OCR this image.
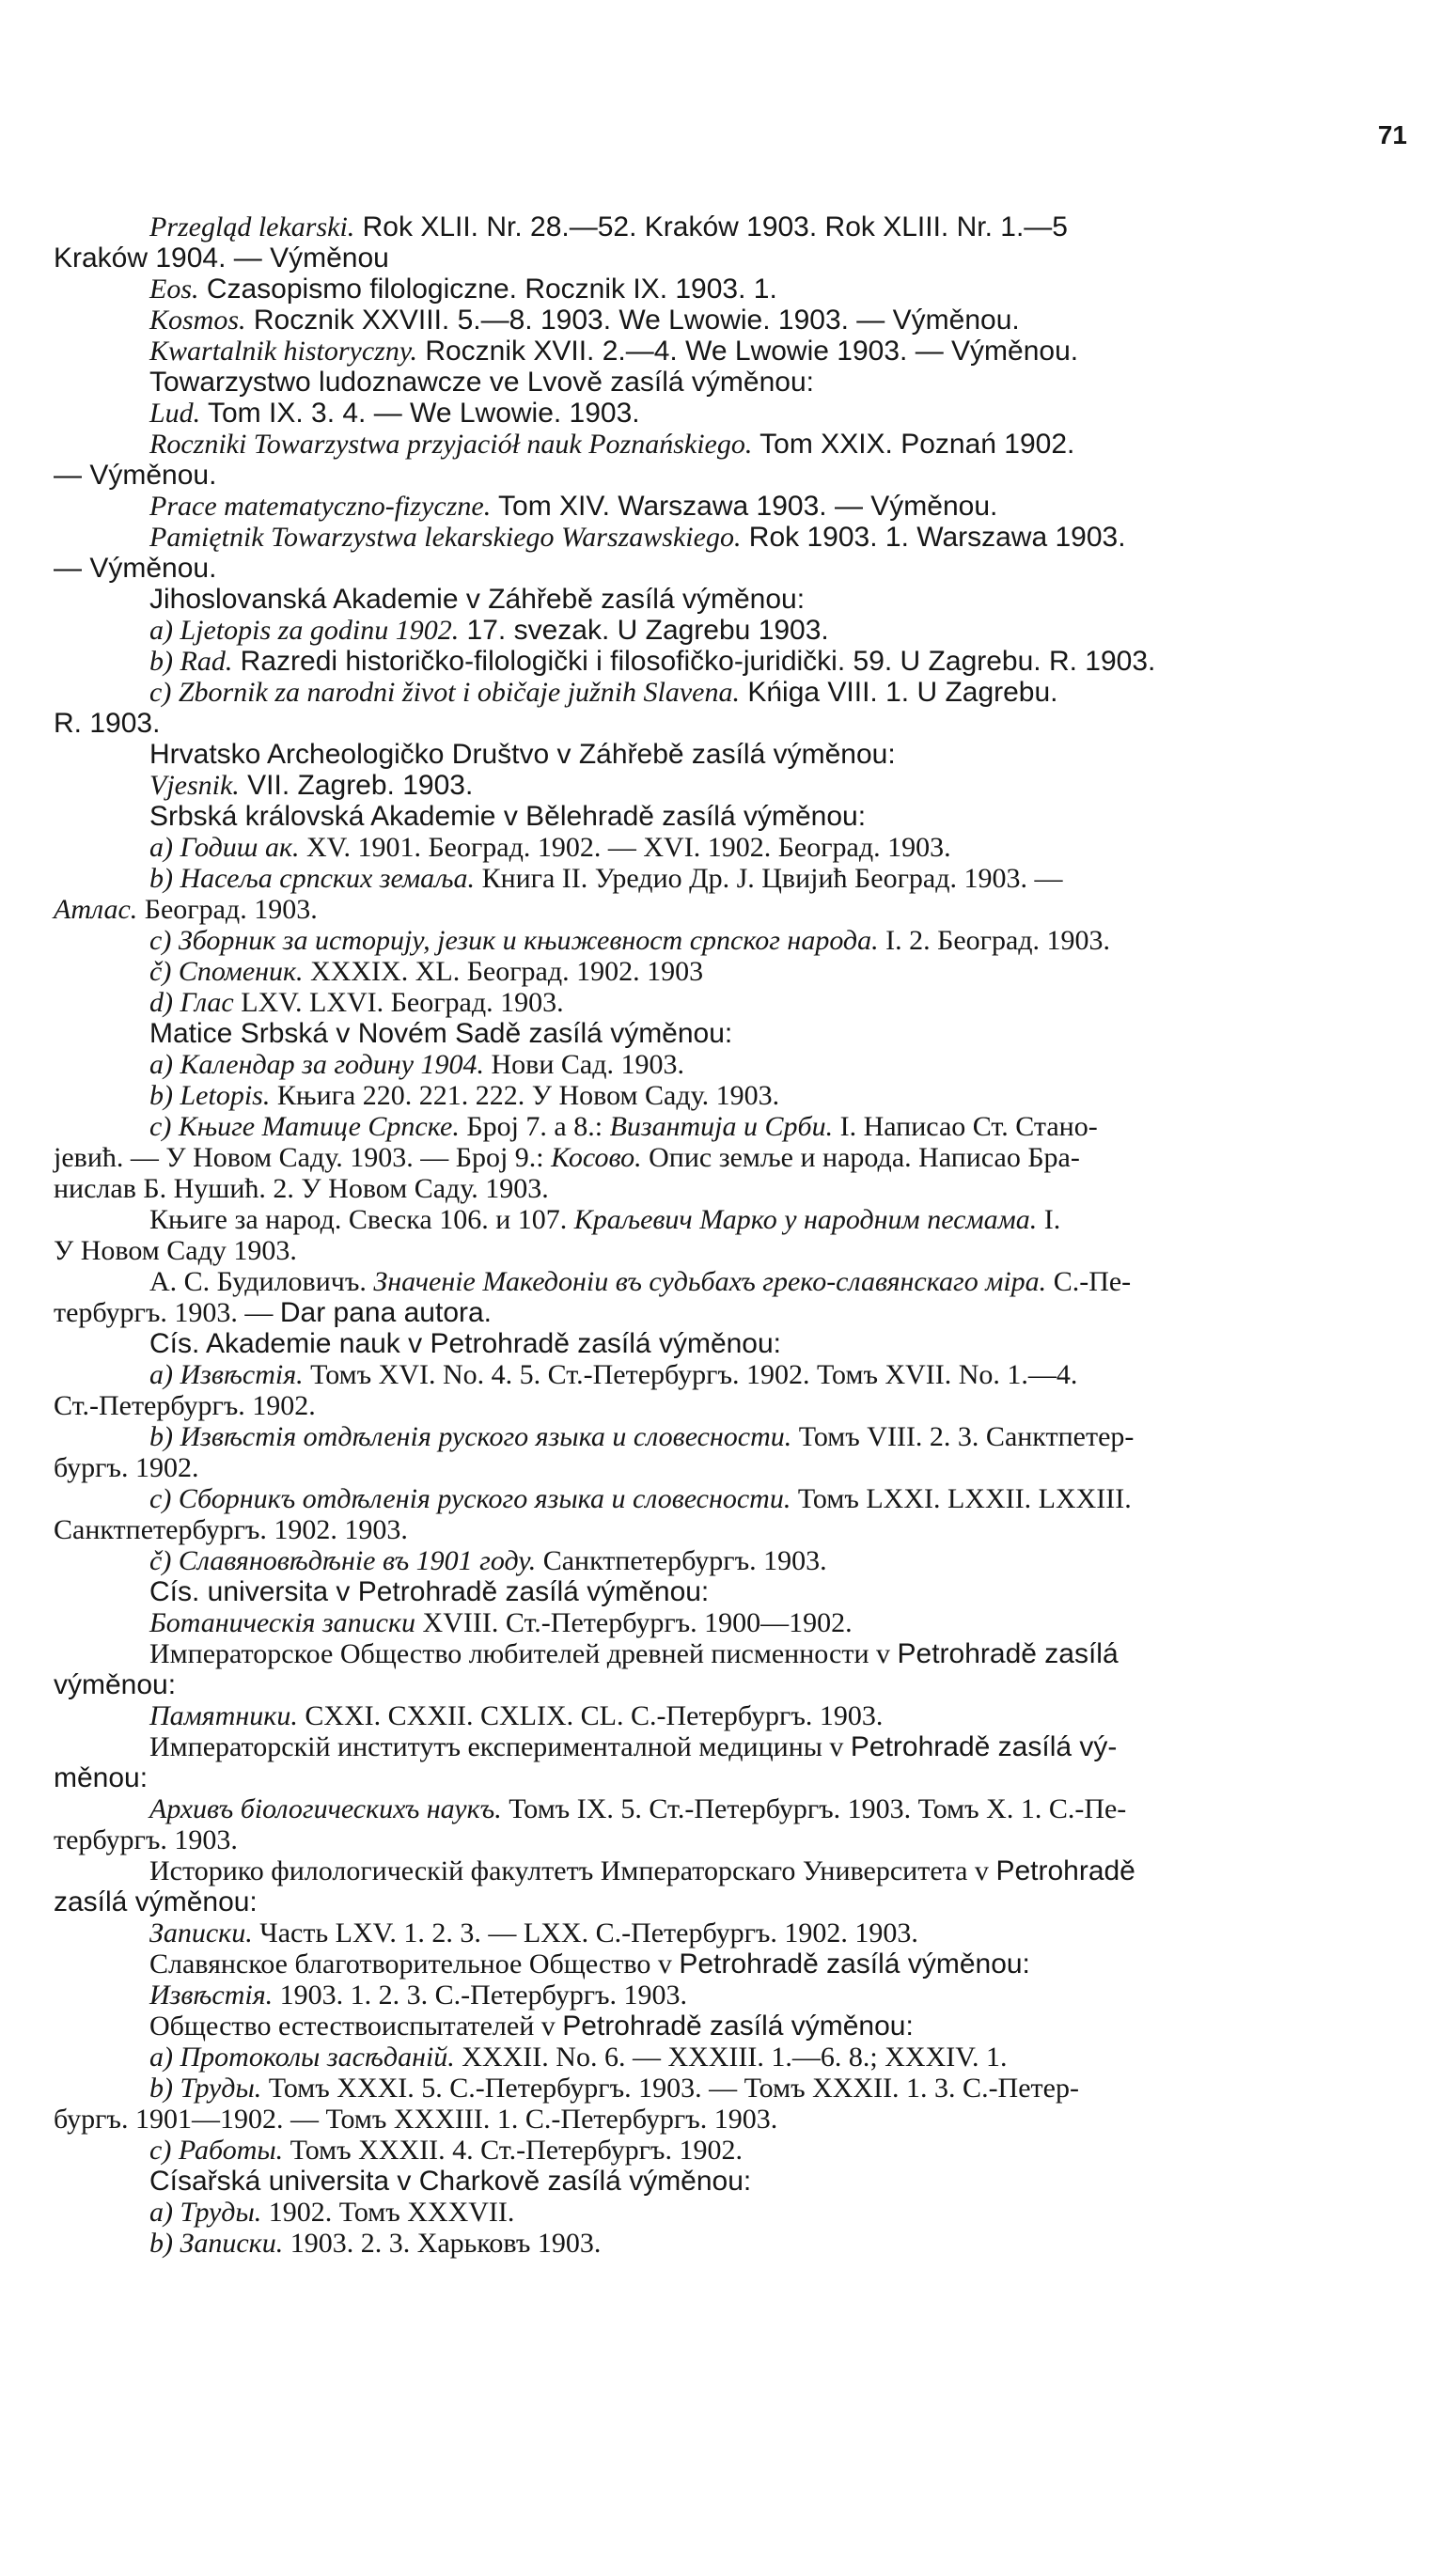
71
Przegląd lekarski. Rok XLII. Nr. 28.—52. Kraków 1903. Rok XLIII. Nr. 1.—5
Kraków 1904. — Výměnou
Eos. Czasopismo filologiczne. Rocznik IX. 1903. 1.
Kosmos. Rocznik XXVIII. 5.—8. 1903. We Lwowie. 1903. — Výměnou.
Kwartalnik historyczny. Rocznik XVII. 2.—4. We Lwowie 1903. — Výměnou.
Towarzystwo ludoznawcze ve Lvově zasílá výměnou:
Lud. Tom IX. 3. 4. — We Lwowie. 1903.
Roczniki Towarzystwa przyjaciół nauk Poznańskiego. Tom XXIX. Poznań 1902.
— Výměnou.
Prace matematyczno-fizyczne. Tom XIV. Warszawa 1903. — Výměnou.
Pamiętnik Towarzystwa lekarskiego Warszawskiego. Rok 1903. 1. Warszawa 1903.
— Výměnou.
Jihoslovanská Akademie v Záhřebě zasílá výměnou:
a) Ljetopis za godinu 1902. 17. svezak. U Zagrebu 1903.
b) Rad. Razredi historičko-filologički i filosofičko-juridički. 59. U Zagrebu. R. 1903.
c) Zbornik za narodni život i običaje južnih Slavena. Kńiga VIII. 1. U Zagrebu.
R. 1903.
Hrvatsko Archeologičko Društvo v Záhřebě zasílá výměnou:
Vjesnik. VII. Zagreb. 1903.
Srbská královská Akademie v Bělehradě zasílá výměnou:
a) Годиш ак. XV. 1901. Београд. 1902. — XVI. 1902. Београд. 1903.
b) Насеља српских земаља. Книга II. Уредио Др. J. Цвијић Београд. 1903. —
Атлас. Београд. 1903.
c) Зборник за историју, језик и књижевност српског народа. I. 2. Београд. 1903.
č) Споменик. XXXIX. XL. Београд. 1902. 1903
d) Глас LXV. LXVI. Београд. 1903.
Matice Srbská v Novém Sadě zasílá výměnou:
a) Календар за годину 1904. Нови Сад. 1903.
b) Letopis. Књига 220. 221. 222. У Новом Саду. 1903.
c) Књиге Матице Српске. Број 7. а 8.: Византија и Срби. I. Написао Ст. Стано-
јевић. — У Новом Саду. 1903. — Број 9.: Косово. Опис земље и народа. Написао Бра-
нислав Б. Нушић. 2. У Новом Саду. 1903.
Књиге за народ. Свеска 106. и 107. Краљевич Марко у народним песмама. I.
У Новом Саду 1903.
А. С. Будиловичъ. Значеніе Македоніи въ судьбахъ греко-славянскаго міра. С.-Пе-
тербургъ. 1903. — Dar pana autora.
Cís. Akademie nauk v Petrohradě zasílá výměnou:
a) Извѣстія. Томъ XVI. No. 4. 5. Ст.-Петербургъ. 1902. Томъ XVII. No. 1.—4.
Ст.-Петербургъ. 1902.
b) Извѣстія отдѣленія руского языка и словесности. Томъ VIII. 2. 3. Санктпетер-
бургъ. 1902.
c) Сборникъ отдѣленія руского языка и словесности. Томъ LXXI. LXXII. LXXIII.
Санктпетербургъ. 1902. 1903.
č) Славяновѣдѣніе въ 1901 году. Санктпетербургъ. 1903.
Cís. universita v Petrohradě zasílá výměnou:
Ботаническія записки XVIII. Ст.-Петербургъ. 1900—1902.
Императорское Общество любителей древней писменности v Petrohradě zasílá
výměnou:
Памятники. CXXI. CXXII. CXLIX. CL. С.-Петербургъ. 1903.
Императорскій институтъ експерименталной медицины v Petrohradě zasílá vý-
měnou:
Архивъ біологическихъ наукъ. Томъ IX. 5. Ст.-Петербургъ. 1903. Томъ X. 1. С.-Пе-
тербургъ. 1903.
Историко филологическій факултетъ Императорскаго Университета v Petrohradě
zasílá výměnou:
Записки. Часть LXV. 1. 2. 3. — LXX. С.-Петербургъ. 1902. 1903.
Славянское благотворительное Общество v Petrohradě zasílá výměnou:
Извѣстія. 1903. 1. 2. 3. С.-Петербургъ. 1903.
Общество естествоиспытателей v Petrohradě zasílá výměnou:
a) Протоколы засѣданій. XXXII. No. 6. — XXXIII. 1.—6. 8.; XXXIV. 1.
b) Труды. Томъ XXXI. 5. С.-Петербургъ. 1903. — Томъ XXXII. 1. 3. С.-Петер-
бургъ. 1901—1902. — Томъ XXXIII. 1. С.-Петербургъ. 1903.
c) Работы. Томъ XXXII. 4. Ст.-Петербургъ. 1902.
Císařská universita v Charkově zasílá výměnou:
a) Труды. 1902. Томъ XXXVII.
b) Записки. 1903. 2. 3. Харьковъ 1903.
